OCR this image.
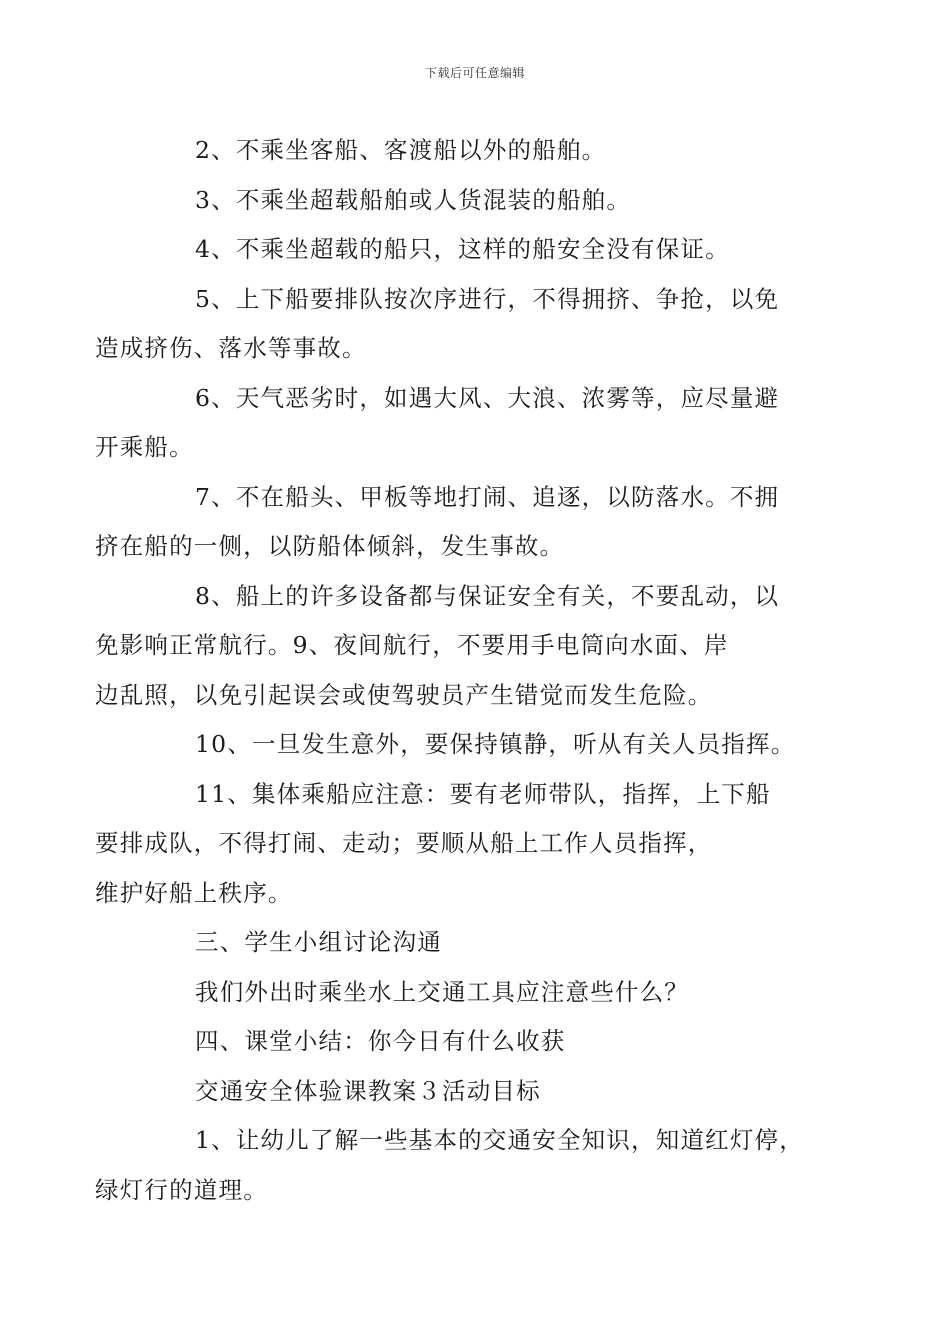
下载后可任意编辑

2、不乘坐客船、客渡船以外的船舶。

3、不乘坐超载船舶或人货混装的船舶。

4、不乘坐超载的船只，这样的船安全没有保证。

5、上下船要排队按次序进行，不得拥挤、争抢，以免
造成挤伤、落水等事故。

6、天气恶劣时，如遇大风、大浪、浓雾等，应尽量避
开乘船。

7、不在船头、甲板等地打闹、追逐，以防落水。不拥
挤在船的一侧，以防船体倾斜，发生事故。

8、船上的许多设备都与保证安全有关，不要乱动，以
免影响正常航行。9、夜间航行，不要用手电筒向水面、岸
边乱照，以免引起误会或使驾驶员产生错觉而发生危险。

10、一旦发生意外，要保持镇静，听从有关人员指挥。

11、集体乘船应注意：要有老师带队，指挥，上下船
要排成队，不得打闹、走动；要顺从船上工作人员指挥，
维护好船上秩序。

三、学生小组讨论沟通

我们外出时乘坐水上交通工具应注意些什么？

四、课堂小结：你今日有什么收获

交通安全体验课教案３活动目标

1、让幼儿了解一些基本的交通安全知识，知道红灯停，
绿灯行的道理。
